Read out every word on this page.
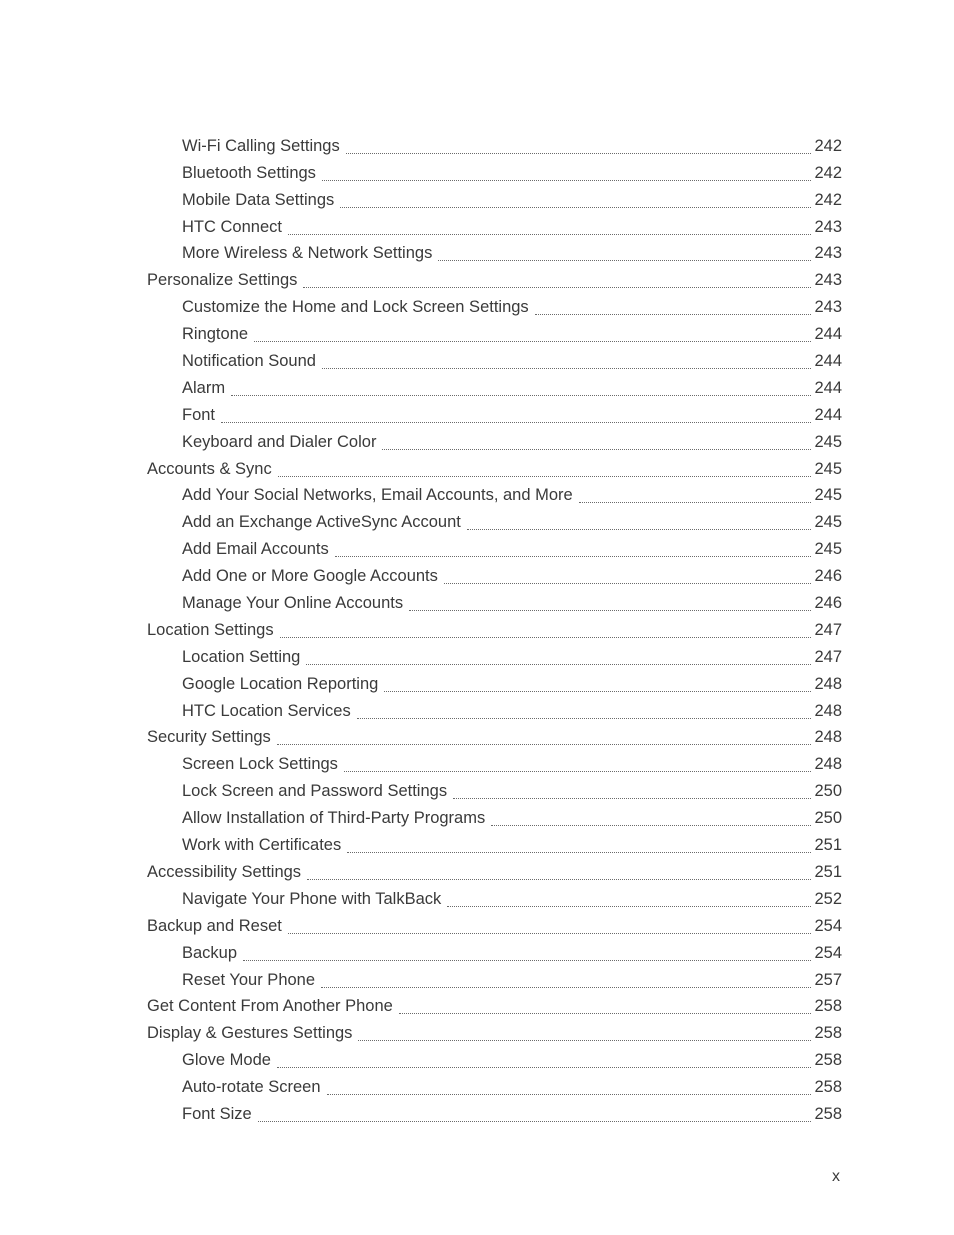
Wi-Fi Calling Settings	242
Bluetooth Settings	242
Mobile Data Settings	242
HTC Connect	243
More Wireless & Network Settings	243
Personalize Settings	243
Customize the Home and Lock Screen Settings	243
Ringtone	244
Notification Sound	244
Alarm	244
Font	244
Keyboard and Dialer Color	245
Accounts & Sync	245
Add Your Social Networks, Email Accounts, and More	245
Add an Exchange ActiveSync Account	245
Add Email Accounts	245
Add One or More Google Accounts	246
Manage Your Online Accounts	246
Location Settings	247
Location Setting	247
Google Location Reporting	248
HTC Location Services	248
Security Settings	248
Screen Lock Settings	248
Lock Screen and Password Settings	250
Allow Installation of Third-Party Programs	250
Work with Certificates	251
Accessibility Settings	251
Navigate Your Phone with TalkBack	252
Backup and Reset	254
Backup	254
Reset Your Phone	257
Get Content From Another Phone	258
Display & Gestures Settings	258
Glove Mode	258
Auto-rotate Screen	258
Font Size	258
x
